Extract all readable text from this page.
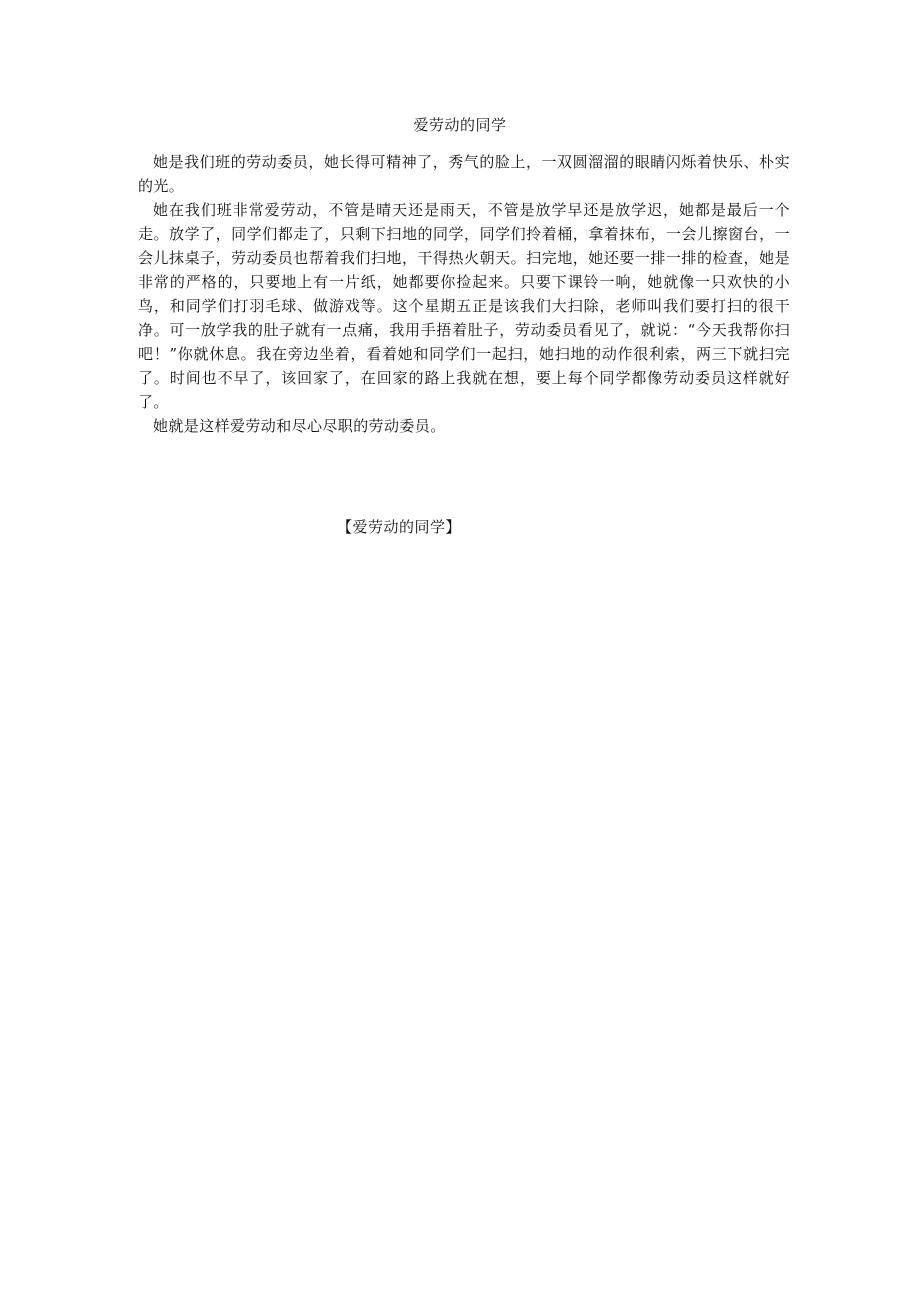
爱劳动的同学

她是我们班的劳动委员，她长得可精神了，秀气的脸上，一双圆溜溜的眼睛闪烁着快乐、朴实的光。

她在我们班非常爱劳动，不管是晴天还是雨天，不管是放学早还是放学迟，她都是最后一个走。放学了，同学们都走了，只剩下扫地的同学，同学们拎着桶，拿着抹布，一会儿擦窗台，一会儿抹桌子，劳动委员也帮着我们扫地，干得热火朝天。扫完地，她还要一排一排的检查，她是非常的严格的，只要地上有一片纸，她都要你捡起来。只要下课铃一响，她就像一只欢快的小鸟，和同学们打羽毛球、做游戏等。这个星期五正是该我们大扫除，老师叫我们要打扫的很干净。可一放学我的肚子就有一点痛，我用手捂着肚子，劳动委员看见了，就说：“今天我帮你扫吧！”你就休息。我在旁边坐着，看着她和同学们一起扫，她扫地的动作很利索，两三下就扫完了。时间也不早了，该回家了，在回家的路上我就在想，要上每个同学都像劳动委员这样就好了。

她就是这样爱劳动和尽心尽职的劳动委员。

【爱劳动的同学】
